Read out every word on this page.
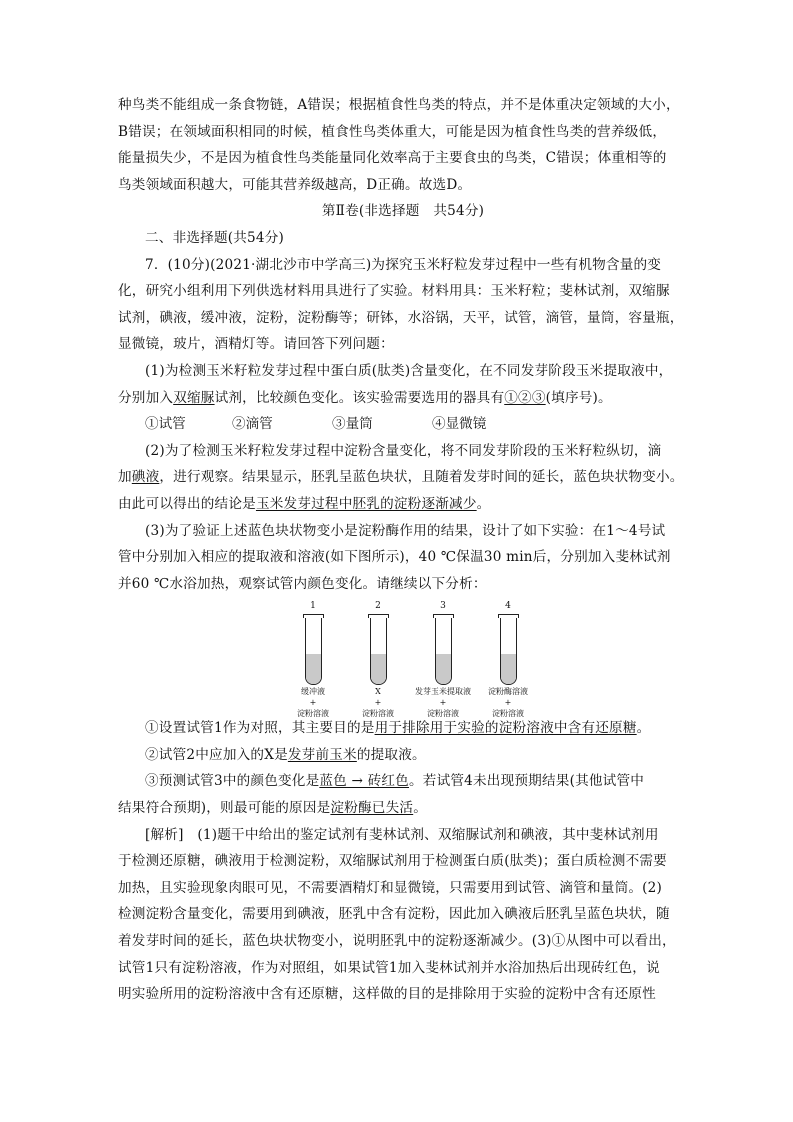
种鸟类不能组成一条食物链，A错误；根据植食性鸟类的特点，并不是体重决定领域的大小，

B错误；在领域面积相同的时候，植食性鸟类体重大，可能是因为植食性鸟类的营养级低，

能量损失少，不是因为植食性鸟类能量同化效率高于主要食虫的鸟类，C错误；体重相等的

鸟类领域面积越大，可能其营养级越高，D正确。故选D。

第Ⅱ卷(非选择题　共54分)

二、非选择题(共54分)

7．(10分)(2021·湖北沙市中学高三)为探究玉米籽粒发芽过程中一些有机物含量的变

化，研究小组利用下列供选材料用具进行了实验。材料用具：玉米籽粒；斐林试剂，双缩脲

试剂，碘液，缓冲液，淀粉，淀粉酶等；研钵，水浴锅，天平，试管，滴管，量筒，容量瓶，

显微镜，玻片，酒精灯等。请回答下列问题：

(1)为检测玉米籽粒发芽过程中蛋白质(肽类)含量变化，在不同发芽阶段玉米提取液中，

分别加入双缩脲试剂，比较颜色变化。该实验需要选用的器具有①②③(填序号)。

①试管	②滴管	③量筒	④显微镜

(2)为了检测玉米籽粒发芽过程中淀粉含量变化，将不同发芽阶段的玉米籽粒纵切，滴

加碘液，进行观察。结果显示，胚乳呈蓝色块状，且随着发芽时间的延长，蓝色块状物变小。

由此可以得出的结论是玉米发芽过程中胚乳的淀粉逐渐减少。

(3)为了验证上述蓝色块状物变小是淀粉酶作用的结果，设计了如下实验：在1～4号试

管中分别加入相应的提取液和溶液(如下图所示)，40 ℃保温30 min后，分别加入斐林试剂

并60 ℃水浴加热，观察试管内颜色变化。请继续以下分析：

1
缓冲液
+
淀粉溶液
2
X
+
淀粉溶液
3
发芽玉米提取液
+
淀粉溶液
4
淀粉酶溶液
+
淀粉溶液

①设置试管1作为对照，其主要目的是用于排除用于实验的淀粉溶液中含有还原糖。

②试管2中应加入的X是发芽前玉米的提取液。

③预测试管3中的颜色变化是蓝色 → 砖红色。若试管4未出现预期结果(其他试管中

结果符合预期)，则最可能的原因是淀粉酶已失活。

[解析]　(1)题干中给出的鉴定试剂有斐林试剂、双缩脲试剂和碘液，其中斐林试剂用

于检测还原糖，碘液用于检测淀粉，双缩脲试剂用于检测蛋白质(肽类)；蛋白质检测不需要

加热，且实验现象肉眼可见，不需要酒精灯和显微镜，只需要用到试管、滴管和量筒。(2)

检测淀粉含量变化，需要用到碘液，胚乳中含有淀粉，因此加入碘液后胚乳呈蓝色块状，随

着发芽时间的延长，蓝色块状物变小，说明胚乳中的淀粉逐渐减少。(3)①从图中可以看出，

试管1只有淀粉溶液，作为对照组，如果试管1加入斐林试剂并水浴加热后出现砖红色，说

明实验所用的淀粉溶液中含有还原糖，这样做的目的是排除用于实验的淀粉中含有还原性
